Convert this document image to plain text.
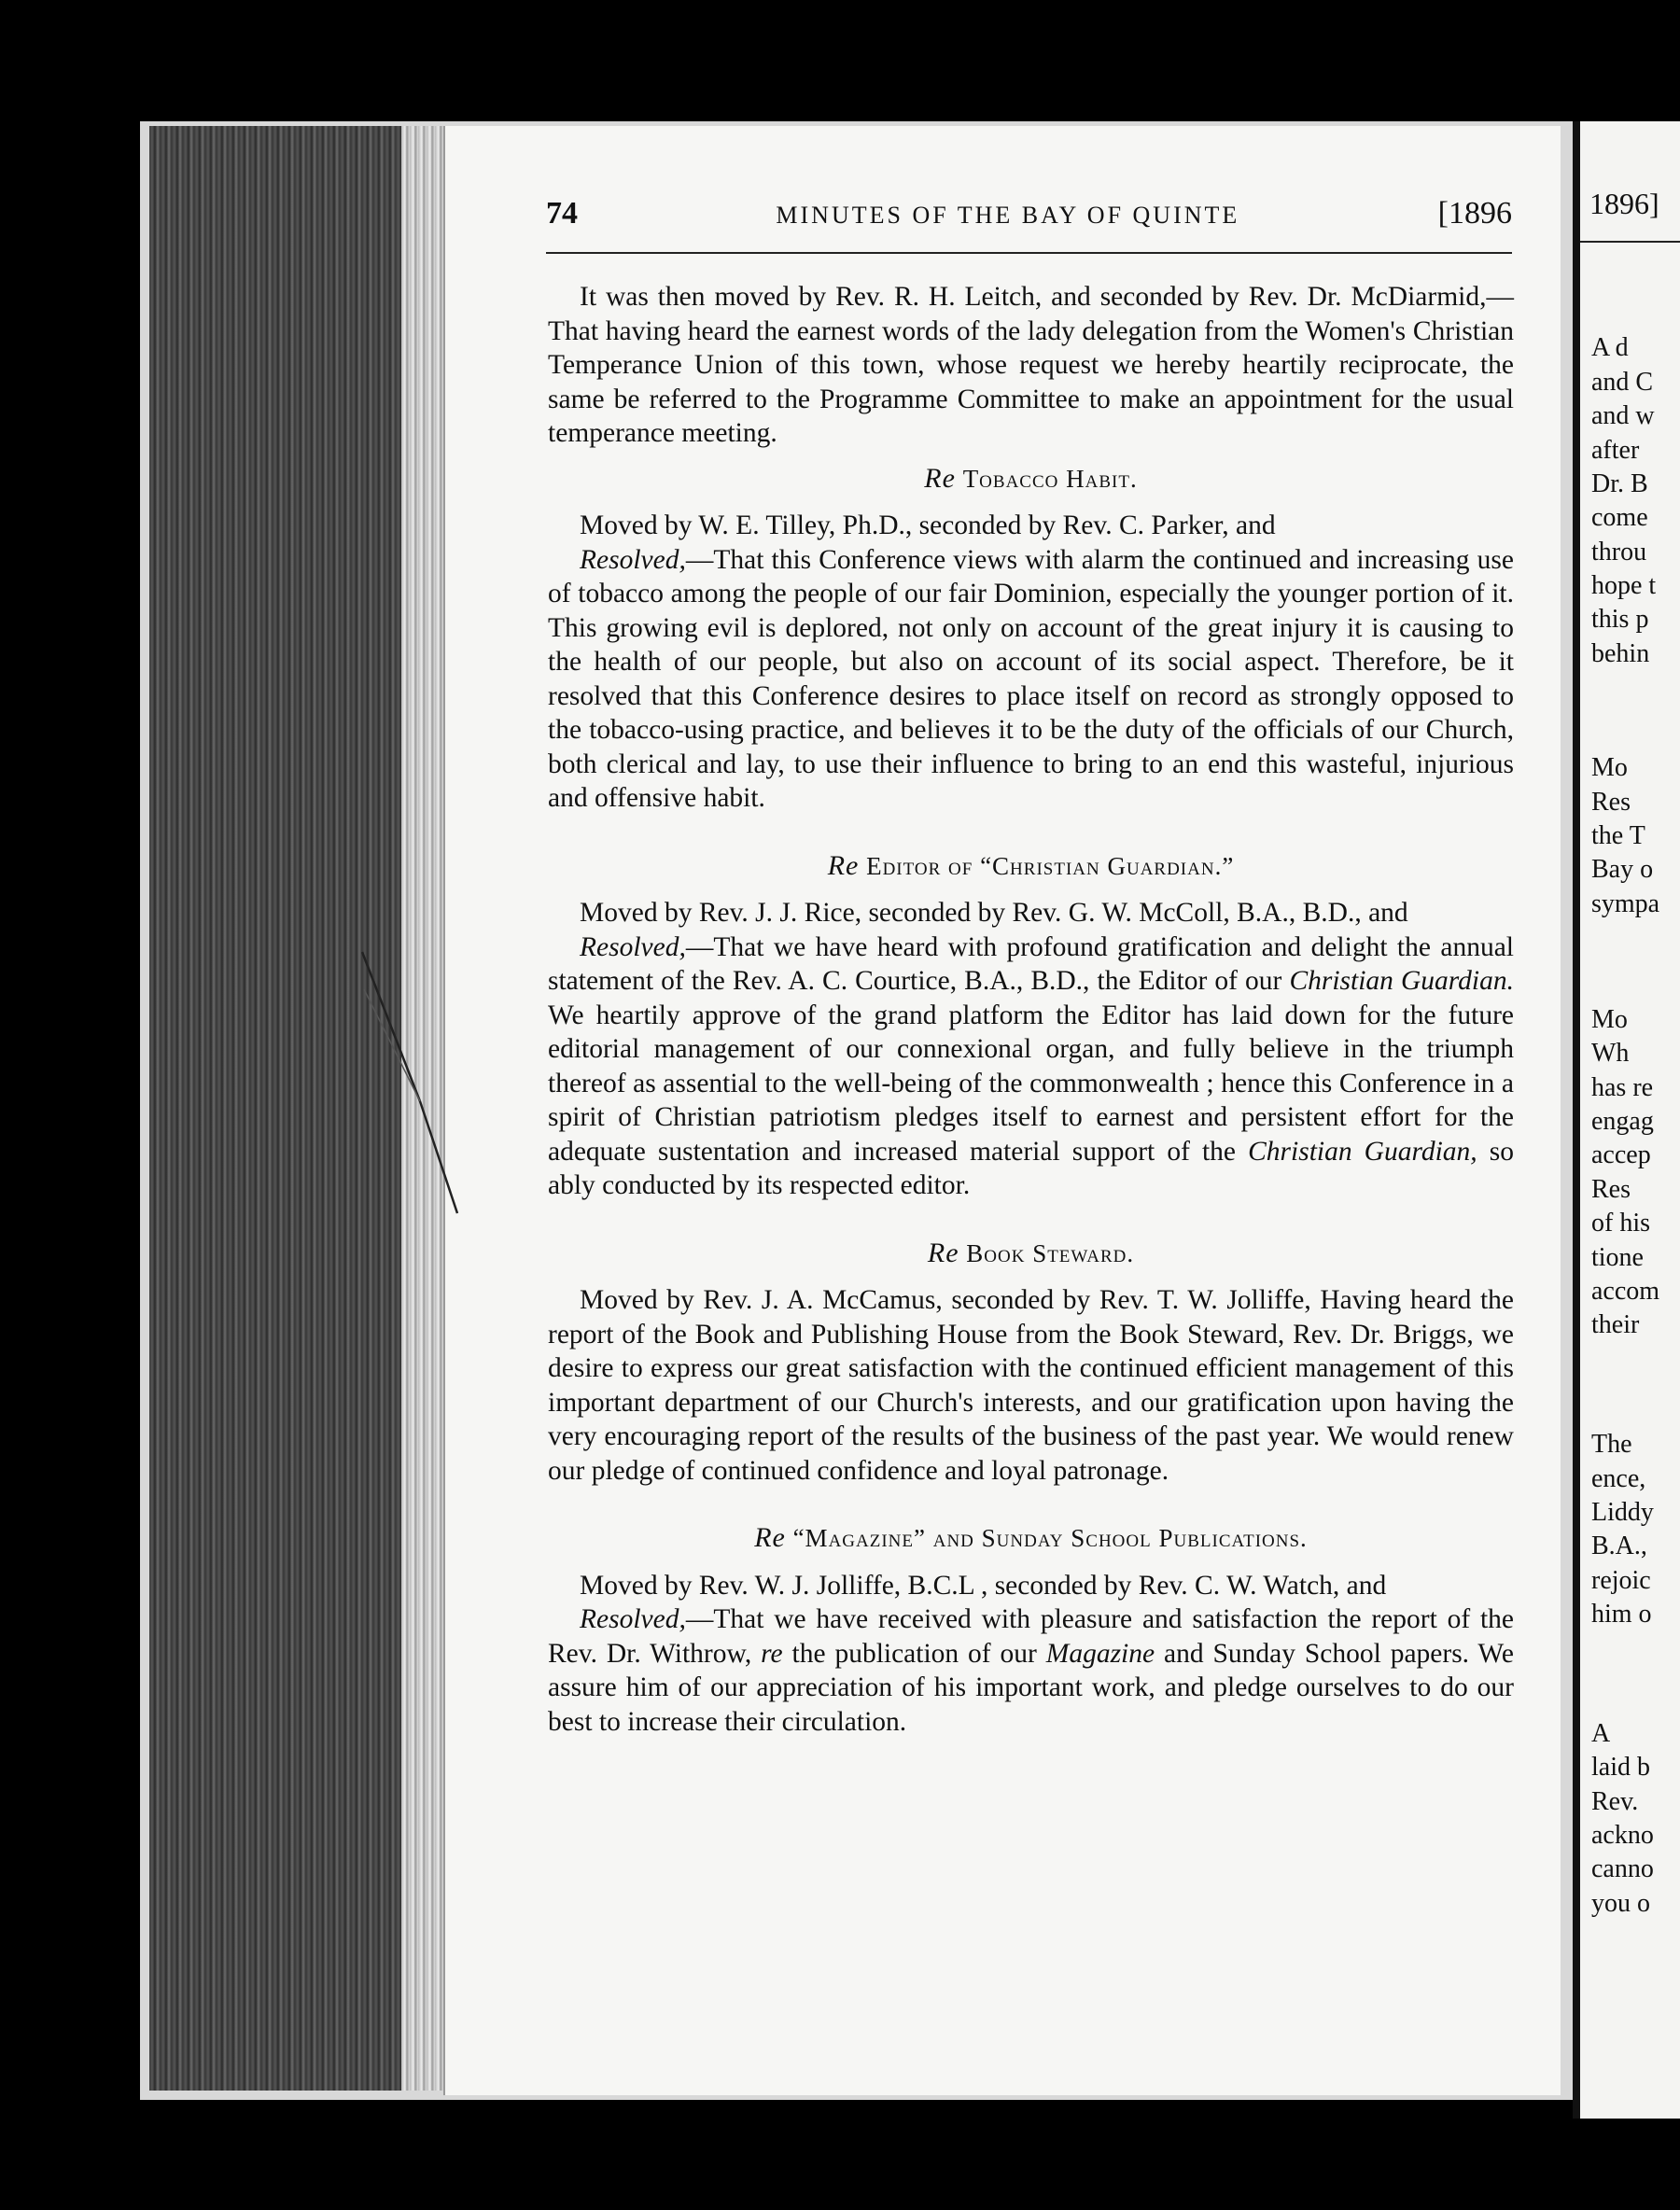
74	MINUTES OF THE BAY OF QUINTE	[1896

It was then moved by Rev. R. H. Leitch, and seconded by Rev. Dr. McDiarmid,—That having heard the earnest words of the lady delegation from the Women's Christian Temperance Union of this town, whose request we hereby heartily reciprocate, the same be referred to the Programme Committee to make an appointment for the usual temperance meeting.

Re Tobacco Habit.

Moved by W. E. Tilley, Ph.D., seconded by Rev. C. Parker, and

Resolved,—That this Conference views with alarm the continued and increasing use of tobacco among the people of our fair Dominion, especially the younger portion of it. This growing evil is deplored, not only on account of the great injury it is causing to the health of our people, but also on account of its social aspect. Therefore, be it resolved that this Conference desires to place itself on record as strongly opposed to the tobacco-using practice, and believes it to be the duty of the officials of our Church, both clerical and lay, to use their influence to bring to an end this wasteful, injurious and offensive habit.

Re Editor of “Christian Guardian.”

Moved by Rev. J. J. Rice, seconded by Rev. G. W. McColl, B.A., B.D., and

Resolved,—That we have heard with profound gratification and delight the annual statement of the Rev. A. C. Courtice, B.A., B.D., the Editor of our Christian Guardian. We heartily approve of the grand platform the Editor has laid down for the future editorial management of our connexional organ, and fully believe in the triumph thereof as assential to the well-being of the commonwealth ; hence this Conference in a spirit of Christian patriotism pledges itself to earnest and persistent effort for the adequate sustentation and increased material support of the Christian Guardian, so ably conducted by its respected editor.

Re Book Steward.

Moved by Rev. J. A. McCamus, seconded by Rev. T. W. Jolliffe, Having heard the report of the Book and Publishing House from the Book Steward, Rev. Dr. Briggs, we desire to express our great satisfaction with the continued efficient management of this important department of our Church's interests, and our gratification upon having the very encouraging report of the results of the business of the past year. We would renew our pledge of continued confidence and loyal patronage.

Re “Magazine” and Sunday School Publications.

Moved by Rev. W. J. Jolliffe, B.C.L , seconded by Rev. C. W. Watch, and

Resolved,—That we have received with pleasure and satisfaction the report of the Rev. Dr. Withrow, re the publication of our Magazine and Sunday School papers. We assure him of our appreciation of his important work, and pledge ourselves to do our best to increase their circulation.

1896]
A d
and C
and w
after
Dr. B
come
throu
hope t
this p
behin
Mo
Res
the T
Bay o
sympa
Mo
Wh
has re
engag
accep
Res
of his
tione
accom
their
The
ence,
Liddy
B.A.,
rejoic
him o
A
laid b
Rev.
ackno
canno
you o
